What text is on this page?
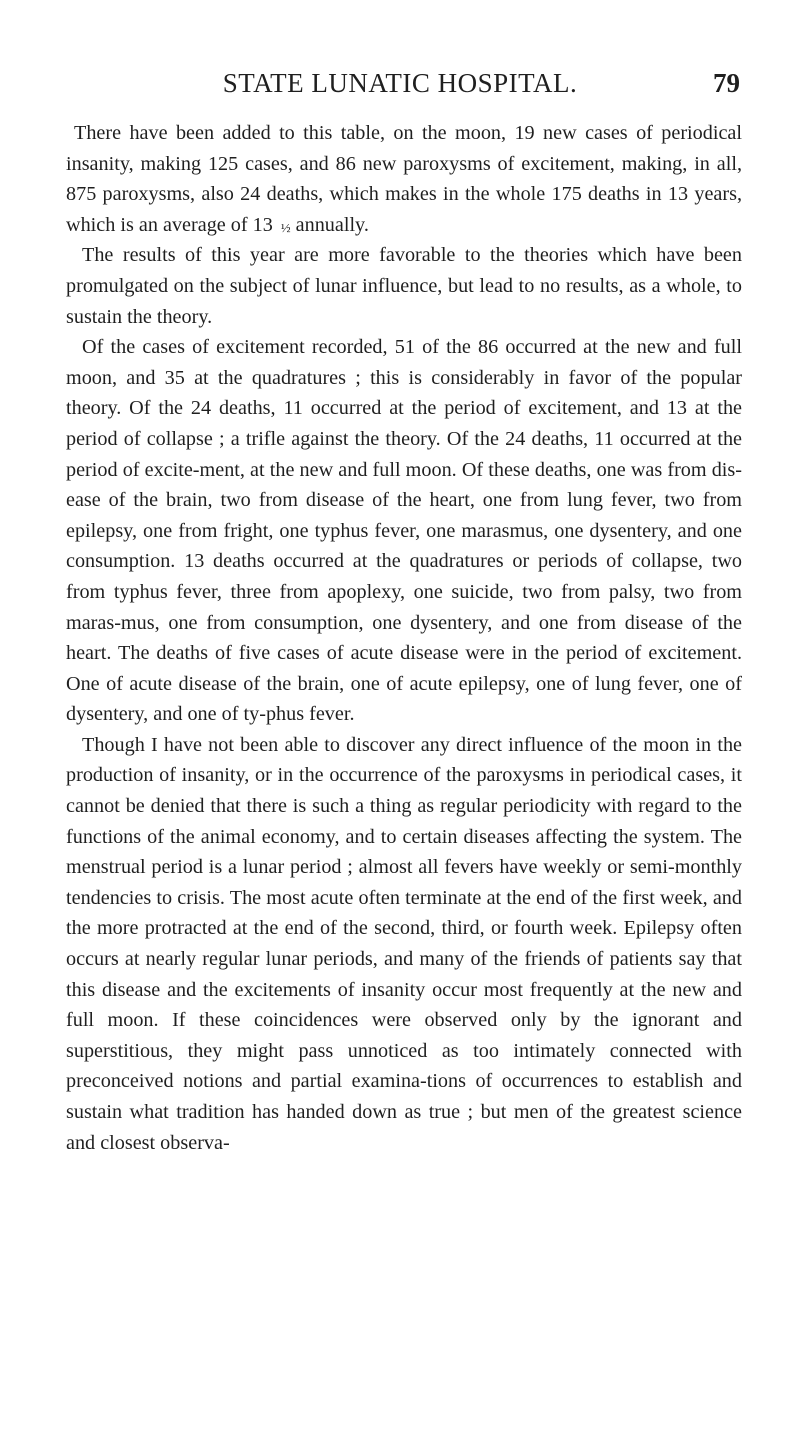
STATE LUNATIC HOSPITAL.	79

There have been added to this table, on the moon, 19 new cases of periodical insanity, making 125 cases, and 86 new paroxysms of excitement, making, in all, 875 paroxysms, also 24 deaths, which makes in the whole 175 deaths in 13 years, which is an average of 13 ½ annually.

The results of this year are more favorable to the theories which have been promulgated on the subject of lunar influence, but lead to no results, as a whole, to sustain the theory.

Of the cases of excitement recorded, 51 of the 86 occurred at the new and full moon, and 35 at the quadratures ; this is considerably in favor of the popular theory. Of the 24 deaths, 11 occurred at the period of excitement, and 13 at the period of collapse ; a trifle against the theory. Of the 24 deaths, 11 occurred at the period of excite-ment, at the new and full moon. Of these deaths, one was from dis-ease of the brain, two from disease of the heart, one from lung fever, two from epilepsy, one from fright, one typhus fever, one marasmus, one dysentery, and one consumption. 13 deaths occurred at the quadratures or periods of collapse, two from typhus fever, three from apoplexy, one suicide, two from palsy, two from maras-mus, one from consumption, one dysentery, and one from disease of the heart. The deaths of five cases of acute disease were in the period of excitement. One of acute disease of the brain, one of acute epilepsy, one of lung fever, one of dysentery, and one of ty-phus fever.

Though I have not been able to discover any direct influence of the moon in the production of insanity, or in the occurrence of the paroxysms in periodical cases, it cannot be denied that there is such a thing as regular periodicity with regard to the functions of the animal economy, and to certain diseases affecting the system. The menstrual period is a lunar period ; almost all fevers have weekly or semi-monthly tendencies to crisis. The most acute often terminate at the end of the first week, and the more protracted at the end of the second, third, or fourth week. Epilepsy often occurs at nearly regular lunar periods, and many of the friends of patients say that this disease and the excitements of insanity occur most frequently at the new and full moon. If these coincidences were observed only by the ignorant and superstitious, they might pass unnoticed as too intimately connected with preconceived notions and partial examina-tions of occurrences to establish and sustain what tradition has handed down as true ; but men of the greatest science and closest observa-
